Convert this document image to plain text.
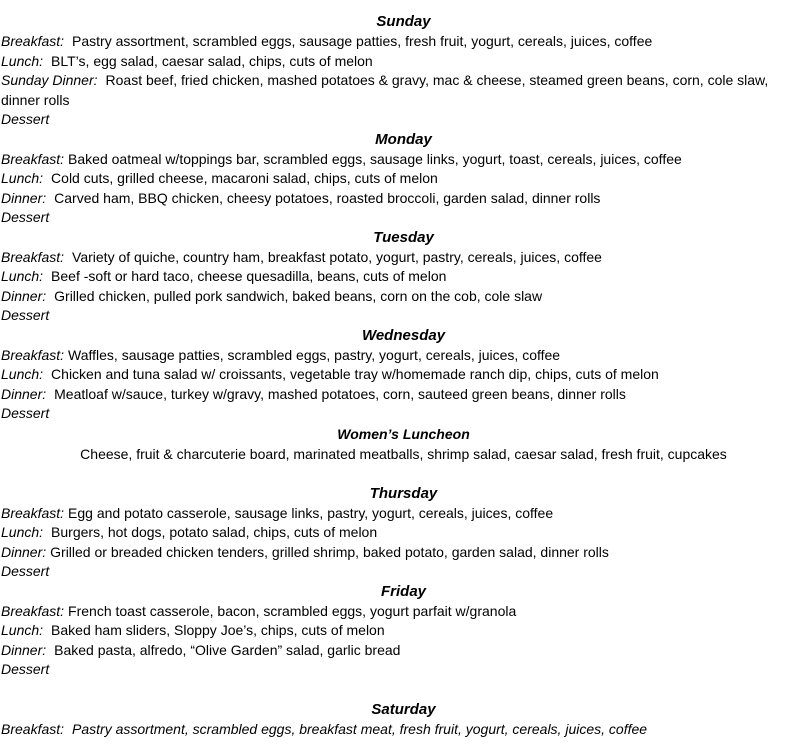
Sunday
Breakfast: Pastry assortment, scrambled eggs, sausage patties, fresh fruit, yogurt, cereals, juices, coffee
Lunch: BLT’s, egg salad, caesar salad, chips, cuts of melon
Sunday Dinner: Roast beef, fried chicken, mashed potatoes & gravy, mac & cheese, steamed green beans, corn, cole slaw, dinner rolls
Dessert
Monday
Breakfast: Baked oatmeal w/toppings bar, scrambled eggs, sausage links, yogurt, toast, cereals, juices, coffee
Lunch: Cold cuts, grilled cheese, macaroni salad, chips, cuts of melon
Dinner: Carved ham, BBQ chicken, cheesy potatoes, roasted broccoli, garden salad, dinner rolls
Dessert
Tuesday
Breakfast: Variety of quiche, country ham, breakfast potato, yogurt, pastry, cereals, juices, coffee
Lunch: Beef -soft or hard taco, cheese quesadilla, beans, cuts of melon
Dinner: Grilled chicken, pulled pork sandwich, baked beans, corn on the cob, cole slaw
Dessert
Wednesday
Breakfast: Waffles, sausage patties, scrambled eggs, pastry, yogurt, cereals, juices, coffee
Lunch: Chicken and tuna salad w/ croissants, vegetable tray w/homemade ranch dip, chips, cuts of melon
Dinner: Meatloaf w/sauce, turkey w/gravy, mashed potatoes, corn, sauteed green beans, dinner rolls
Dessert
Women’s Luncheon
Cheese, fruit & charcuterie board, marinated meatballs, shrimp salad, caesar salad, fresh fruit, cupcakes
Thursday
Breakfast: Egg and potato casserole, sausage links, pastry, yogurt, cereals, juices, coffee
Lunch: Burgers, hot dogs, potato salad, chips, cuts of melon
Dinner: Grilled or breaded chicken tenders, grilled shrimp, baked potato, garden salad, dinner rolls
Dessert
Friday
Breakfast: French toast casserole, bacon, scrambled eggs, yogurt parfait w/granola
Lunch: Baked ham sliders, Sloppy Joe’s, chips, cuts of melon
Dinner: Baked pasta, alfredo, “Olive Garden” salad, garlic bread
Dessert
Saturday
Breakfast: Pastry assortment, scrambled eggs, breakfast meat, fresh fruit, yogurt, cereals, juices, coffee
